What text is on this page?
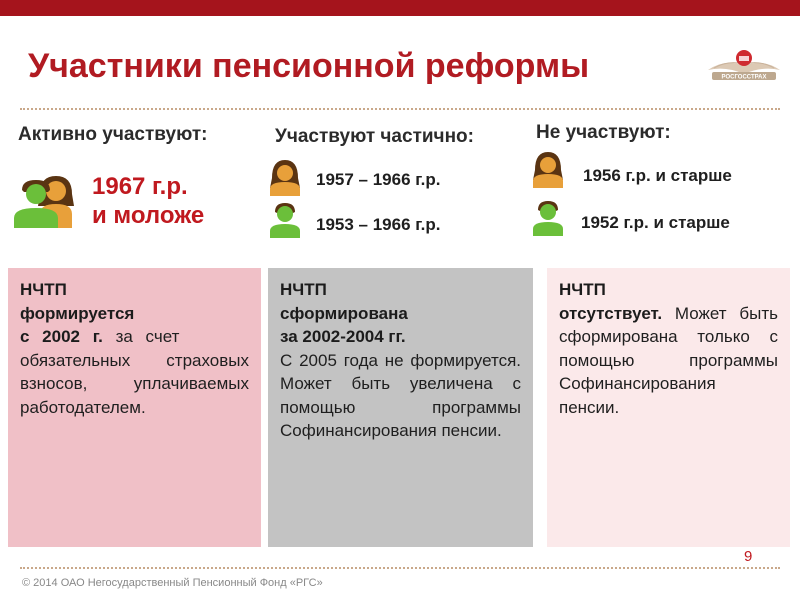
Участники пенсионной реформы	РОСГОССТРАХ
Активно участвуют:
1967 г.р.
и моложе

НЧТП

формируется

с 2002 г. за счет

обязательных страховых взносов, уплачиваемых работодателем.

Участвуют частично:
1957 – 1966 г.р.
1953 – 1966 г.р.

НЧТП

сформирована

за 2002-2004 гг.

С 2005 года не формируется. Может быть увеличена с помощью программы Софинансирования пенсии.

Не участвуют:
1956 г.р. и старше
1952 г.р. и старше

НЧТП

отсутствует. Может быть сформирована только с помощью программы Софинансирования пенсии.

9
© 2014 ОАО Негосударственный Пенсионный Фонд «РГС»
